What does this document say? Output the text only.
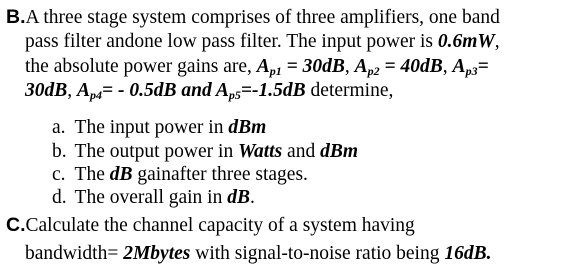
B.A three stage system comprises of three amplifiers, one band
pass filter andone low pass filter. The input power is 0.6mW,
the absolute power gains are, $A_{p1} = 30dB$, $A_{p2} = 40dB$, $A_{p3}=$
30dB, $A_{p4}= - 0.5dB$ and $A_{p5}=-1.5dB$ determine,
a. The input power in dBm
b. The output power in Watts and dBm
c. The dB gainafter three stages.
d. The overall gain in dB.
C.Calculate the channel capacity of a system having
bandwidth= 2Mbytes with signal-to-noise ratio being 16dB.
